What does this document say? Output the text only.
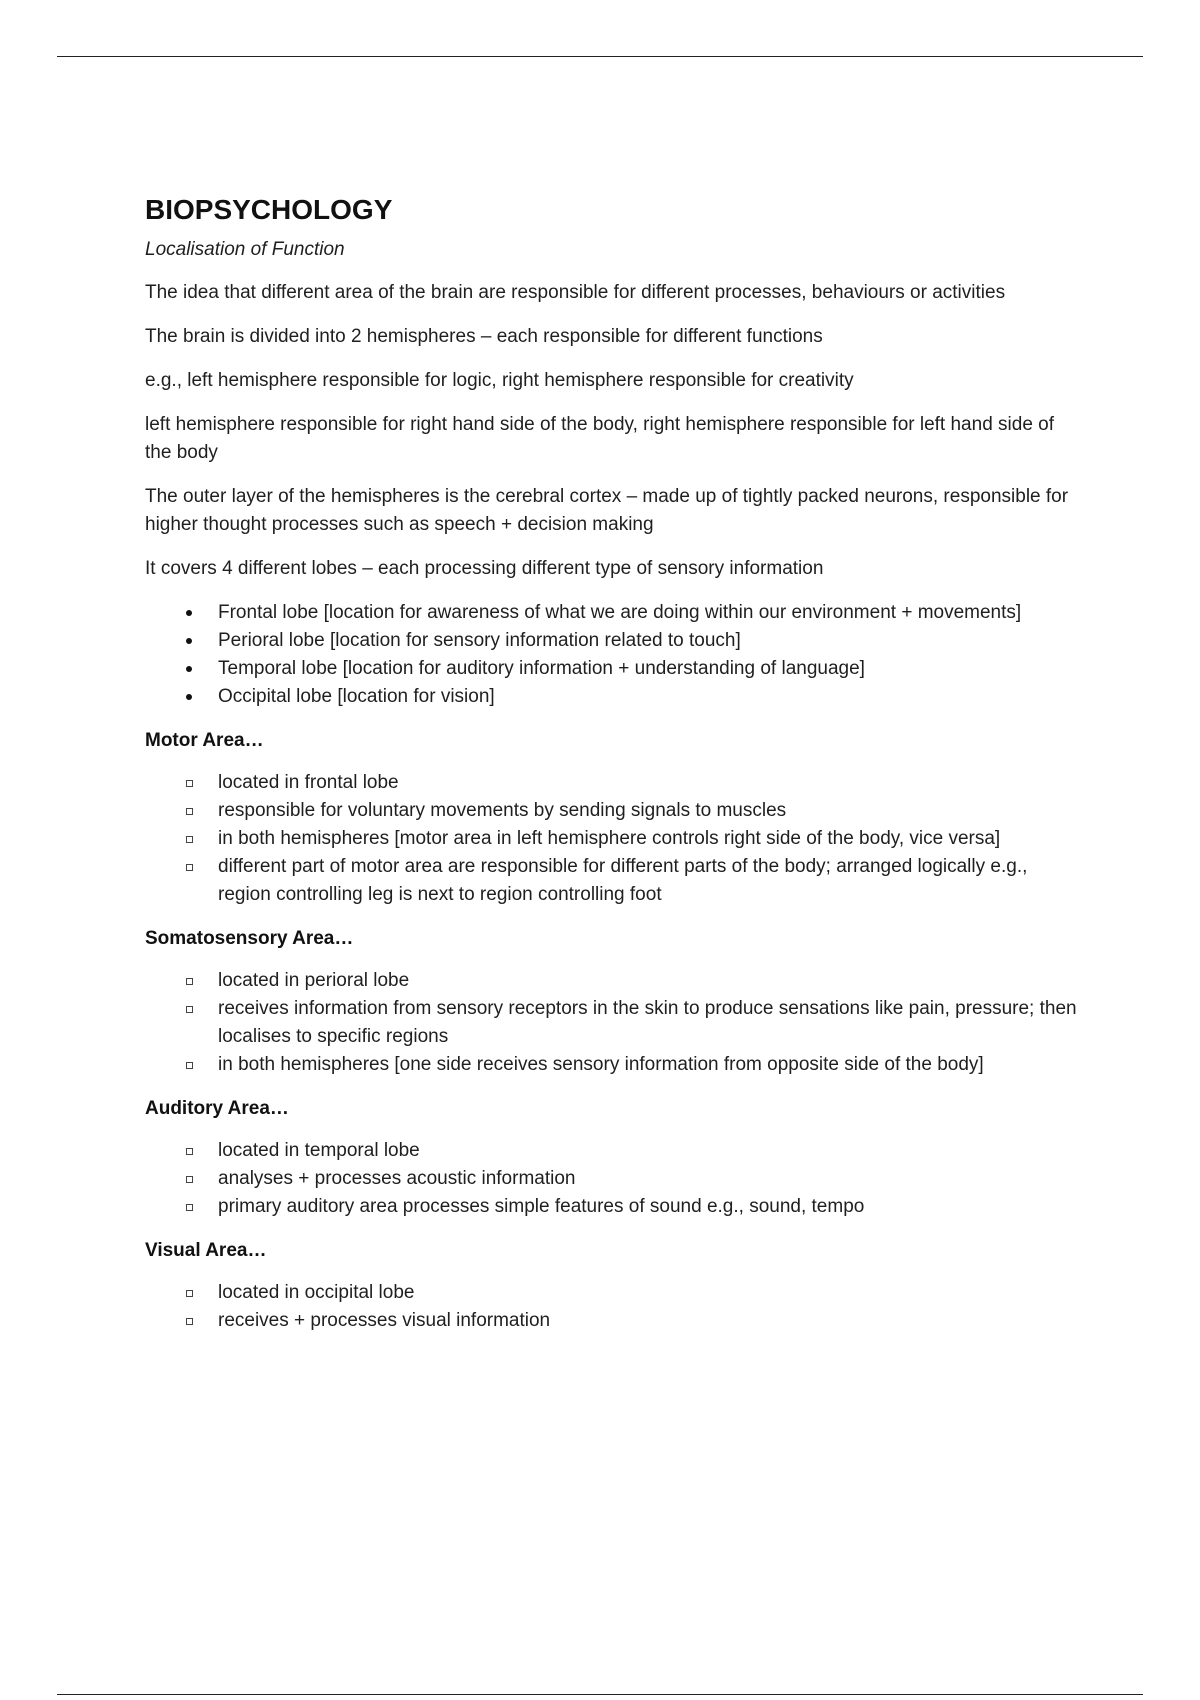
BIOPSYCHOLOGY
Localisation of Function

The idea that different area of the brain are responsible for different processes, behaviours or activities

The brain is divided into 2 hemispheres – each responsible for different functions

e.g., left hemisphere responsible for logic, right hemisphere responsible for creativity

left hemisphere responsible for right hand side of the body, right hemisphere responsible for left hand side of the body

The outer layer of the hemispheres is the cerebral cortex – made up of tightly packed neurons, responsible for higher thought processes such as speech + decision making

It covers 4 different lobes – each processing different type of sensory information

Frontal lobe [location for awareness of what we are doing within our environment + movements]
Perioral lobe [location for sensory information related to touch]
Temporal lobe [location for auditory information + understanding of language]
Occipital lobe [location for vision]
Motor Area…
located in frontal lobe
responsible for voluntary movements by sending signals to muscles
in both hemispheres [motor area in left hemisphere controls right side of the body, vice versa]
different part of motor area are responsible for different parts of the body; arranged logically e.g., region controlling leg is next to region controlling foot
Somatosensory Area…
located in perioral lobe
receives information from sensory receptors in the skin to produce sensations like pain, pressure; then localises to specific regions
in both hemispheres [one side receives sensory information from opposite side of the body]
Auditory Area…
located in temporal lobe
analyses + processes acoustic information
primary auditory area processes simple features of sound e.g., sound, tempo
Visual Area…
located in occipital lobe
receives + processes visual information
